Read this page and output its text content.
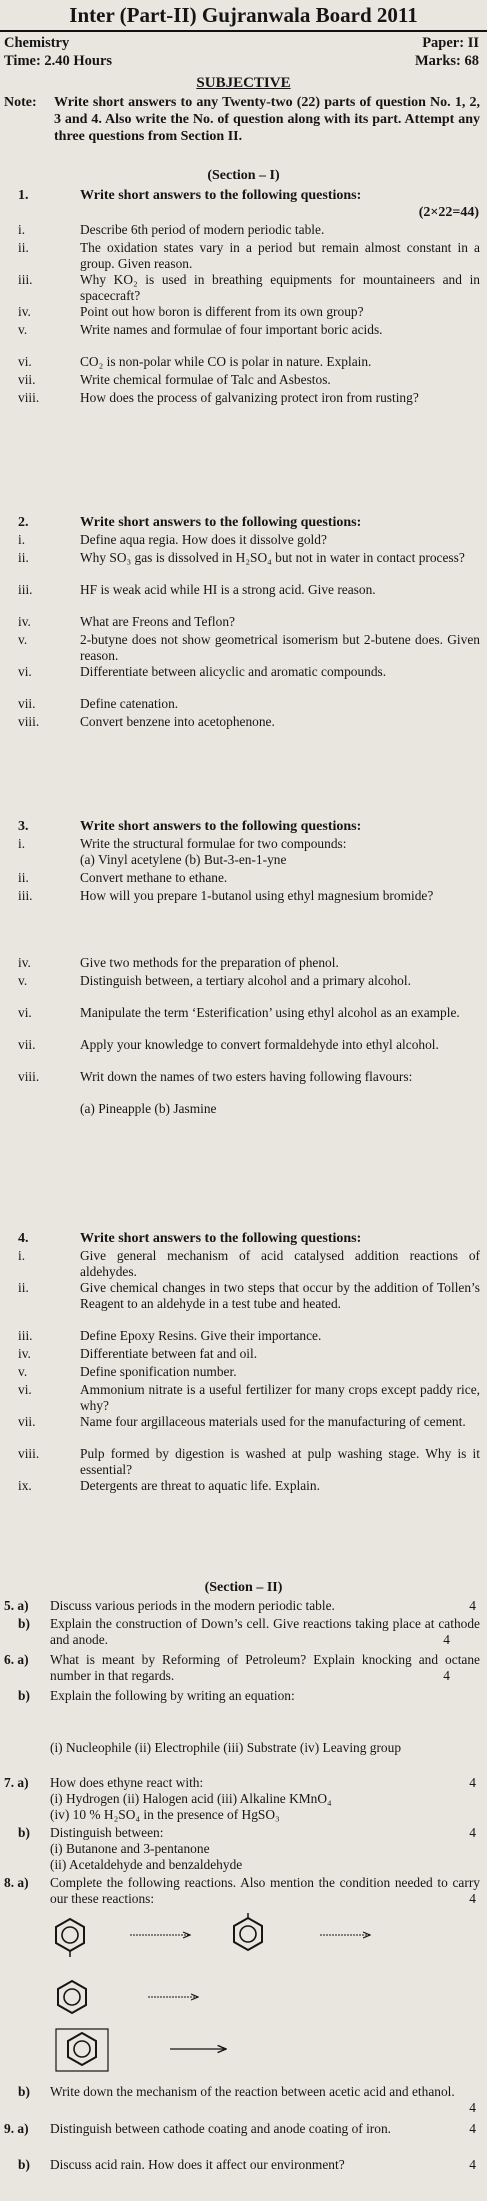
Inter (Part-II) Gujranwala Board 2011
Chemistry	Paper: II
Time: 2.40 Hours	Marks: 68
SUBJECTIVE
Note: Write short answers to any Twenty-two (22) parts of question No. 1, 2, 3 and 4. Also write the No. of question along with its part. Attempt any three questions from Section II.
(Section – I)
1.	Write short answers to the following questions:
(2×22=44)
i.	Describe 6th period of modern periodic table.
ii.	The oxidation states vary in a period but remain almost constant in a group. Given reason.
iii.	Why KO₂ is used in breathing equipments for mountaineers and in spacecraft?
iv.	Point out how boron is different from its own group?
v.	Write names and formulae of four important boric acids.
vi.	CO₂ is non-polar while CO is polar in nature. Explain.
vii.	Write chemical formulae of Talc and Asbestos.
viii.	How does the process of galvanizing protect iron from rusting?
2.	Write short answers to the following questions:
i.	Define aqua regia. How does it dissolve gold?
ii.	Why SO₃ gas is dissolved in H₂SO₄ but not in water in contact process?
iii.	HF is weak acid while HI is a strong acid. Give reason.
iv.	What are Freons and Teflon?
v.	2-butyne does not show geometrical isomerism but 2-butene does. Given reason.
vi.	Differentiate between alicyclic and aromatic compounds.
vii.	Define catenation.
viii.	Convert benzene into acetophenone.
3.	Write short answers to the following questions:
i.	Write the structural formulae for two compounds:
(a) Vinyl acetylene (b) But-3-en-1-yne
ii.	Convert methane to ethane.
iii.	How will you prepare 1-butanol using ethyl magnesium bromide?
iv.	Give two methods for the preparation of phenol.
v.	Distinguish between, a tertiary alcohol and a primary alcohol.
vi.	Manipulate the term ‘Esterification’ using ethyl alcohol as an example.
vii.	Apply your knowledge to convert formaldehyde into ethyl alcohol.
viii.	Writ down the names of two esters having following flavours:
(a) Pineapple (b) Jasmine
4.	Write short answers to the following questions:
i.	Give general mechanism of acid catalysed addition reactions of aldehydes.
ii.	Give chemical changes in two steps that occur by the addition of Tollen’s Reagent to an aldehyde in a test tube and heated.
iii.	Define Epoxy Resins. Give their importance.
iv.	Differentiate between fat and oil.
v.	Define sponification number.
vi.	Ammonium nitrate is a useful fertilizer for many crops except paddy rice, why?
vii.	Name four argillaceous materials used for the manufacturing of cement.
viii.	Pulp formed by digestion is washed at pulp washing stage. Why is it essential?
ix.	Detergents are threat to aquatic life. Explain.
(Section – II)
5. a) Discuss various periods in the modern periodic table.	4
b) Explain the construction of Down’s cell. Give reactions taking place at cathode and anode.	4
6. a) What is meant by Reforming of Petroleum? Explain knocking and octane number in that regards.	4
b) Explain the following by writing an equation:
(i) Nucleophile (ii) Electrophile (iii) Substrate (iv) Leaving group
7. a) How does ethyne react with:	4
(i) Hydrogen (ii) Halogen acid (iii) Alkaline KMnO₄
(iv) 10 % H₂SO₄ in the presence of HgSO₃
b) Distinguish between:	4
(i) Butanone and 3-pentanone
(ii) Acetaldehyde and benzaldehyde
8. a) Complete the following reactions. Also mention the condition needed to carry our these reactions:	4
b) Write down the mechanism of the reaction between acetic acid and ethanol.
4
9. a) Distinguish between cathode coating and anode coating of iron.	4
b) Discuss acid rain. How does it affect our environment?	4
